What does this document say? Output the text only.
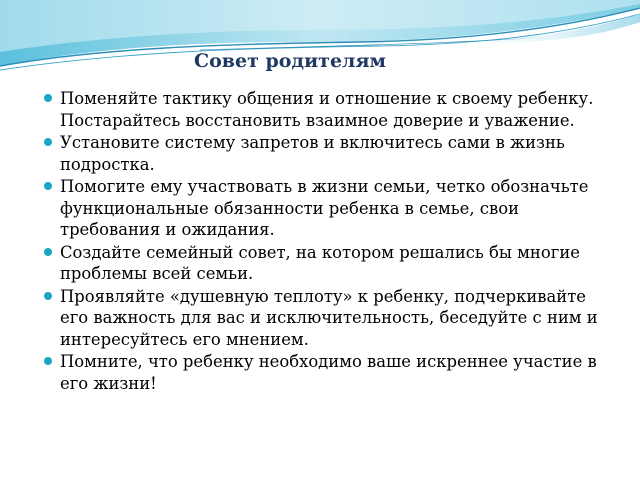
Совет родителям
Поменяйте тактику общения и отношение к своему ребенку. Постарайтесь восстановить взаимное доверие и уважение.
Установите систему запретов и включитесь сами в жизнь подростка.
Помогите ему участвовать в жизни семьи, четко обозначьте функциональные обязанности ребенка в семье, свои требования и ожидания.
Создайте семейный совет, на котором решались бы многие проблемы всей семьи.
Проявляйте «душевную теплоту» к ребенку, подчеркивайте его важность для вас и исключительность, беседуйте с ним и интересуйтесь его мнением.
Помните, что ребенку необходимо ваше искреннее участие в его жизни!
